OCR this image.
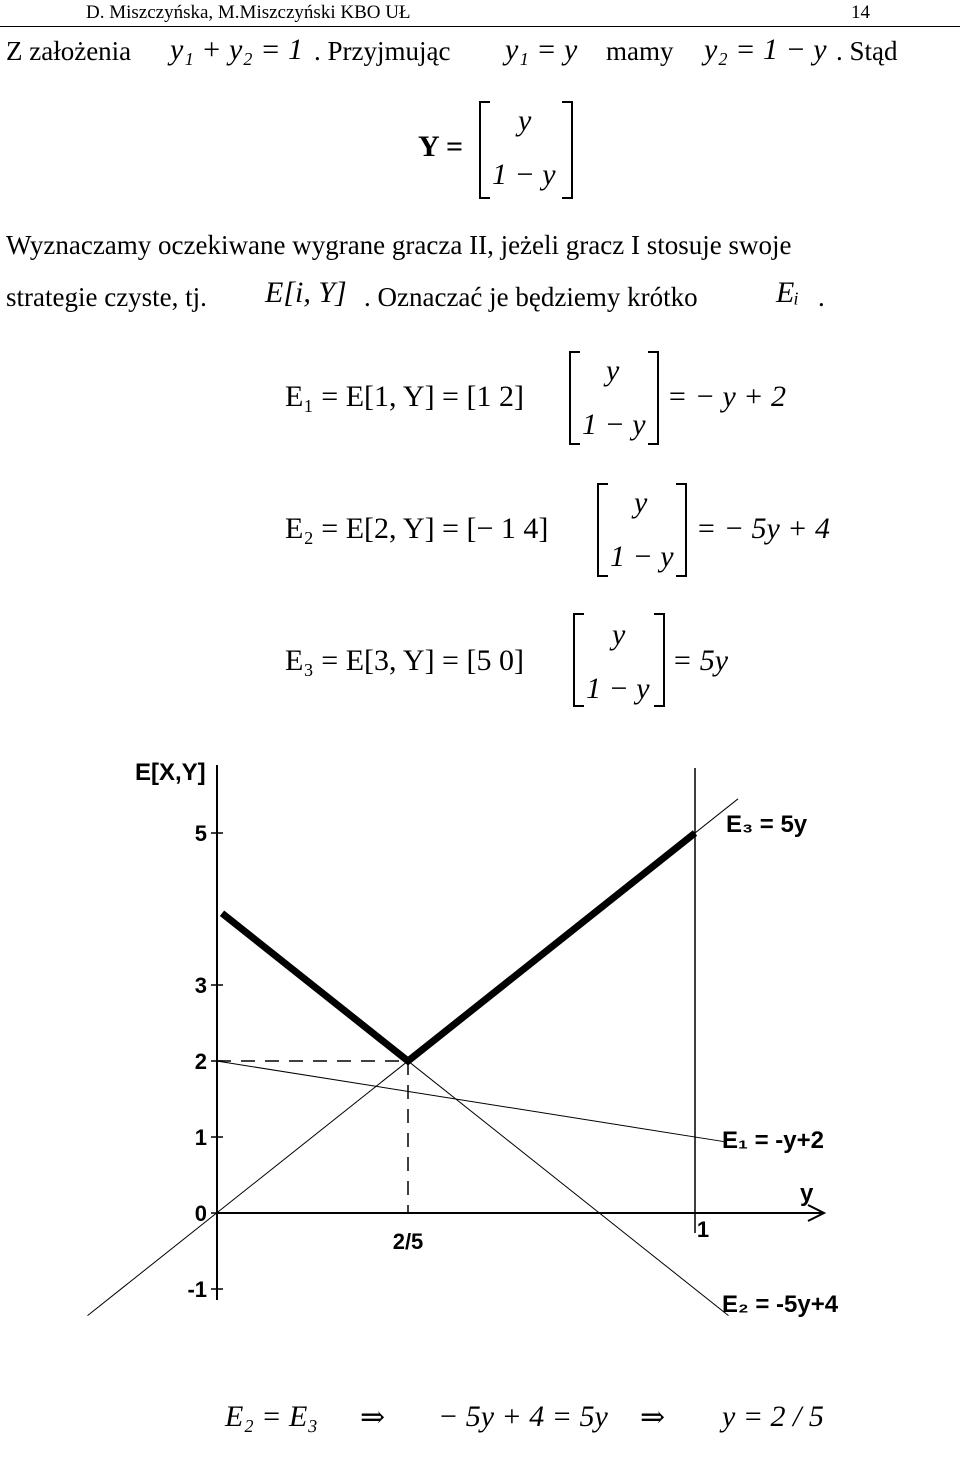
D. Miszczyńska, M.Miszczyński KBO UŁ	14
Z założenia y₁ + y₂ = 1 . Przyjmując y₁ = y mamy y₂ = 1 − y . Stąd
Y =
y
1 − y
Wyznaczamy oczekiwane wygrane gracza II, jeżeli gracz I stosuje swoje
strategie czyste, tj. E[i, Y] . Oznaczać je będziemy krótko	Eᵢ .
E₁ = E[1, Y] = [1 2]
y
1 − y
= − y + 2
E₂ = E[2, Y] = [− 1 4]
y
1 − y
= − 5y + 4
E₃ = E[3, Y] = [5 0]
y
1 − y
= 5y
E[X,Y]
5
3
2
1
0
-1
2/5	1
y
E₃ = 5y
E₁ = -y+2
E₂ = -5y+4
E₂ = E₃ ⇒ − 5y + 4 = 5y ⇒ y = 2 / 5
